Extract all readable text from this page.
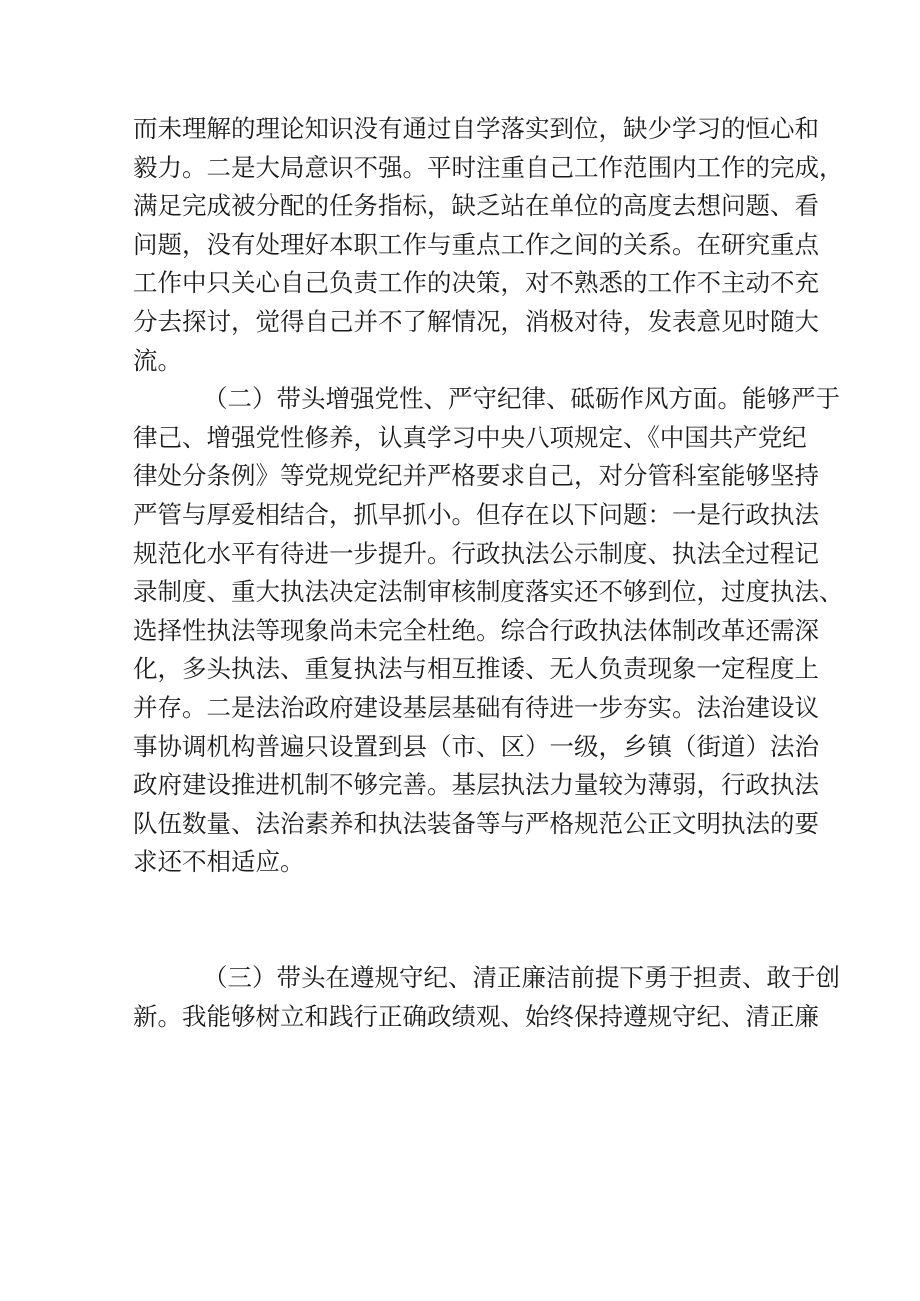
而未理解的理论知识没有通过自学落实到位，缺少学习的恒心和
毅力。二是大局意识不强。平时注重自己工作范围内工作的完成，
满足完成被分配的任务指标，缺乏站在单位的高度去想问题、看
问题，没有处理好本职工作与重点工作之间的关系。在研究重点
工作中只关心自己负责工作的决策，对不熟悉的工作不主动不充
分去探讨，觉得自己并不了解情况，消极对待，发表意见时随大
流。
（二）带头增强党性、严守纪律、砥砺作风方面。能够严于
律己、增强党性修养，认真学习中央八项规定、《中国共产党纪
律处分条例》等党规党纪并严格要求自己，对分管科室能够坚持
严管与厚爱相结合，抓早抓小。但存在以下问题：一是行政执法
规范化水平有待进一步提升。行政执法公示制度、执法全过程记
录制度、重大执法决定法制审核制度落实还不够到位，过度执法、
选择性执法等现象尚未完全杜绝。综合行政执法体制改革还需深
化，多头执法、重复执法与相互推诿、无人负责现象一定程度上
并存。二是法治政府建设基层基础有待进一步夯实。法治建设议
事协调机构普遍只设置到县（市、区）一级，乡镇（街道）法治
政府建设推进机制不够完善。基层执法力量较为薄弱，行政执法
队伍数量、法治素养和执法装备等与严格规范公正文明执法的要
求还不相适应。
（三）带头在遵规守纪、清正廉洁前提下勇于担责、敢于创
新。我能够树立和践行正确政绩观、始终保持遵规守纪、清正廉
